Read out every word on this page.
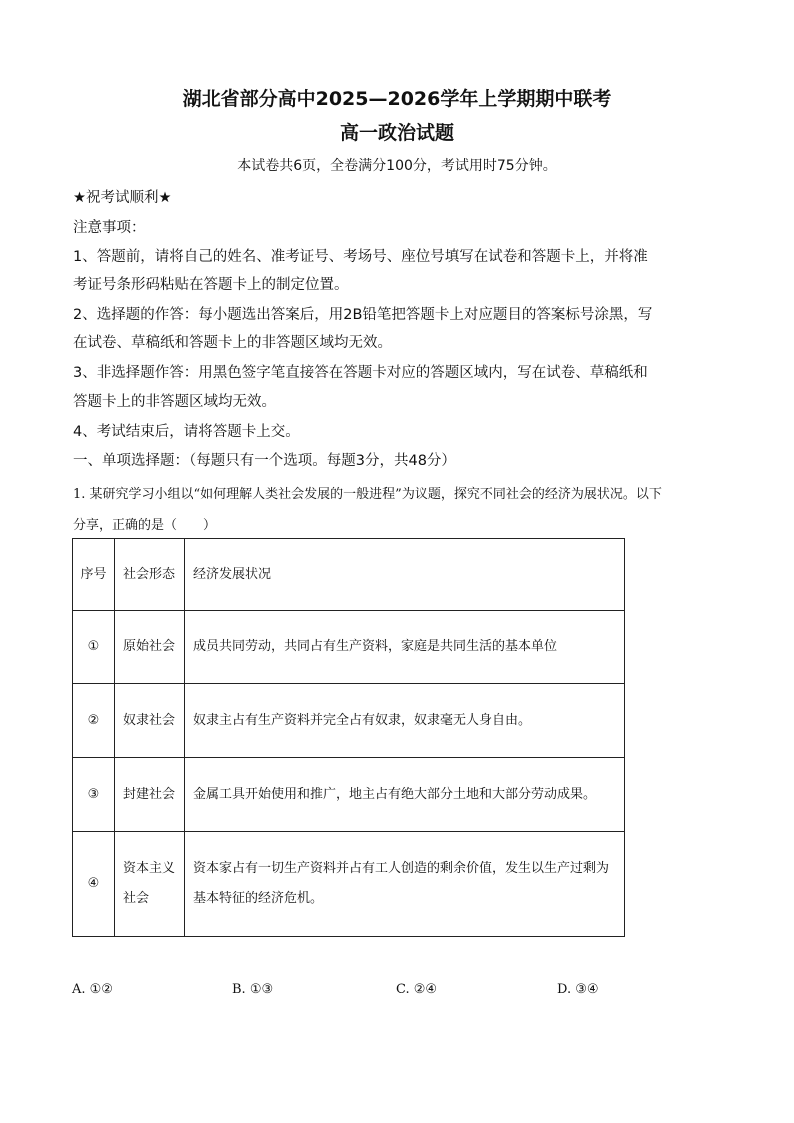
湖北省部分高中2025—2026学年上学期期中联考
高一政治试题
本试卷共6页，全卷满分100分，考试用时75分钟。
★祝考试顺利★
注意事项：
1、答题前，请将自己的姓名、准考证号、考场号、座位号填写在试卷和答题卡上，并将准
考证号条形码粘贴在答题卡上的制定位置。
2、选择题的作答：每小题选出答案后，用2B铅笔把答题卡上对应题目的答案标号涂黑，写
在试卷、草稿纸和答题卡上的非答题区域均无效。
3、非选择题作答：用黑色签字笔直接答在答题卡对应的答题区域内，写在试卷、草稿纸和
答题卡上的非答题区域均无效。
4、考试结束后，请将答题卡上交。
一、单项选择题：（每题只有一个选项。每题3分，共48分）
1. 某研究学习小组以“如何理解人类社会发展的一般进程”为议题，探究不同社会的经济为展状况。以下
分享，正确的是（　　）
序号	社会形态	经济发展状况
①	原始社会	成员共同劳动，共同占有生产资料，家庭是共同生活的基本单位
②	奴隶社会	奴隶主占有生产资料并完全占有奴隶，奴隶毫无人身自由。
③	封建社会	金属工具开始使用和推广，地主占有绝大部分土地和大部分劳动成果。
④	资本主义社会	资本家占有一切生产资料并占有工人创造的剩余价值，发生以生产过剩为基本特征的经济危机。
A. ①②	B. ①③	C. ②④	D. ③④
